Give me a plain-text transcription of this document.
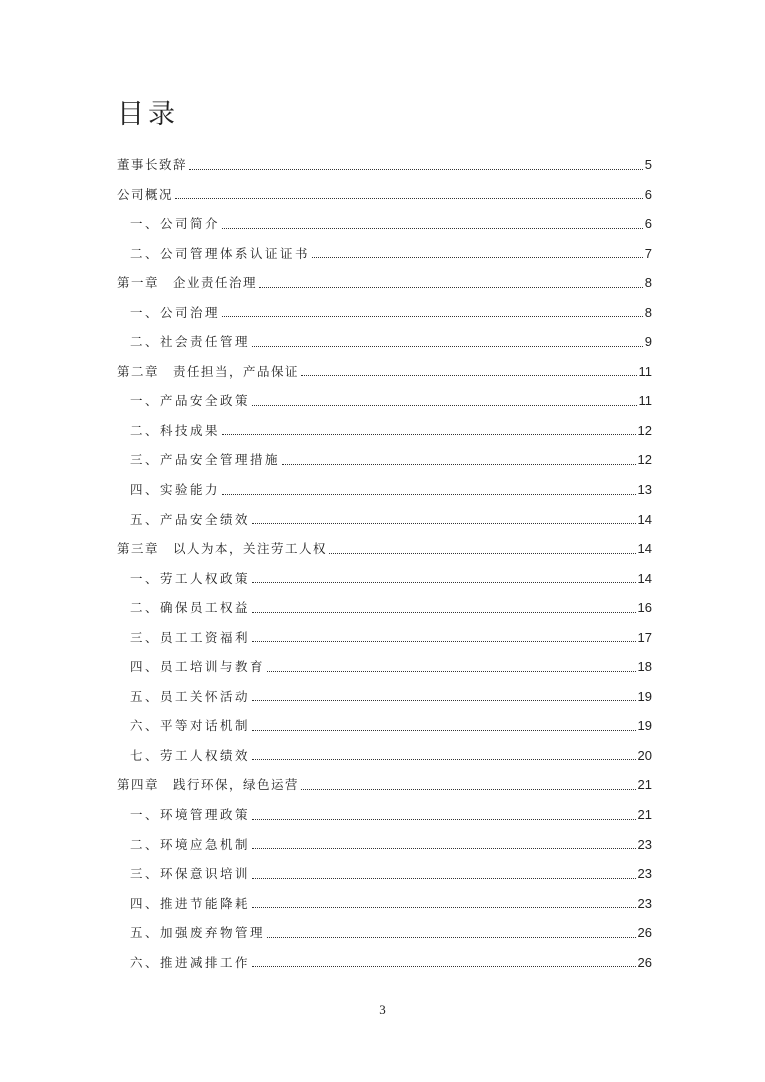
目录
董事长致辞	5
公司概况	6
一、公司简介	6
二、公司管理体系认证证书	7
第一章　企业责任治理	8
一、公司治理	8
二、社会责任管理	9
第二章　责任担当，产品保证	11
一、产品安全政策	11
二、科技成果	12
三、产品安全管理措施	12
四、实验能力	13
五、产品安全绩效	14
第三章　以人为本，关注劳工人权	14
一、劳工人权政策	14
二、确保员工权益	16
三、员工工资福利	17
四、员工培训与教育	18
五、员工关怀活动	19
六、平等对话机制	19
七、劳工人权绩效	20
第四章　践行环保，绿色运营	21
一、环境管理政策	21
二、环境应急机制	23
三、环保意识培训	23
四、推进节能降耗	23
五、加强废弃物管理	26
六、推进减排工作	26
3
